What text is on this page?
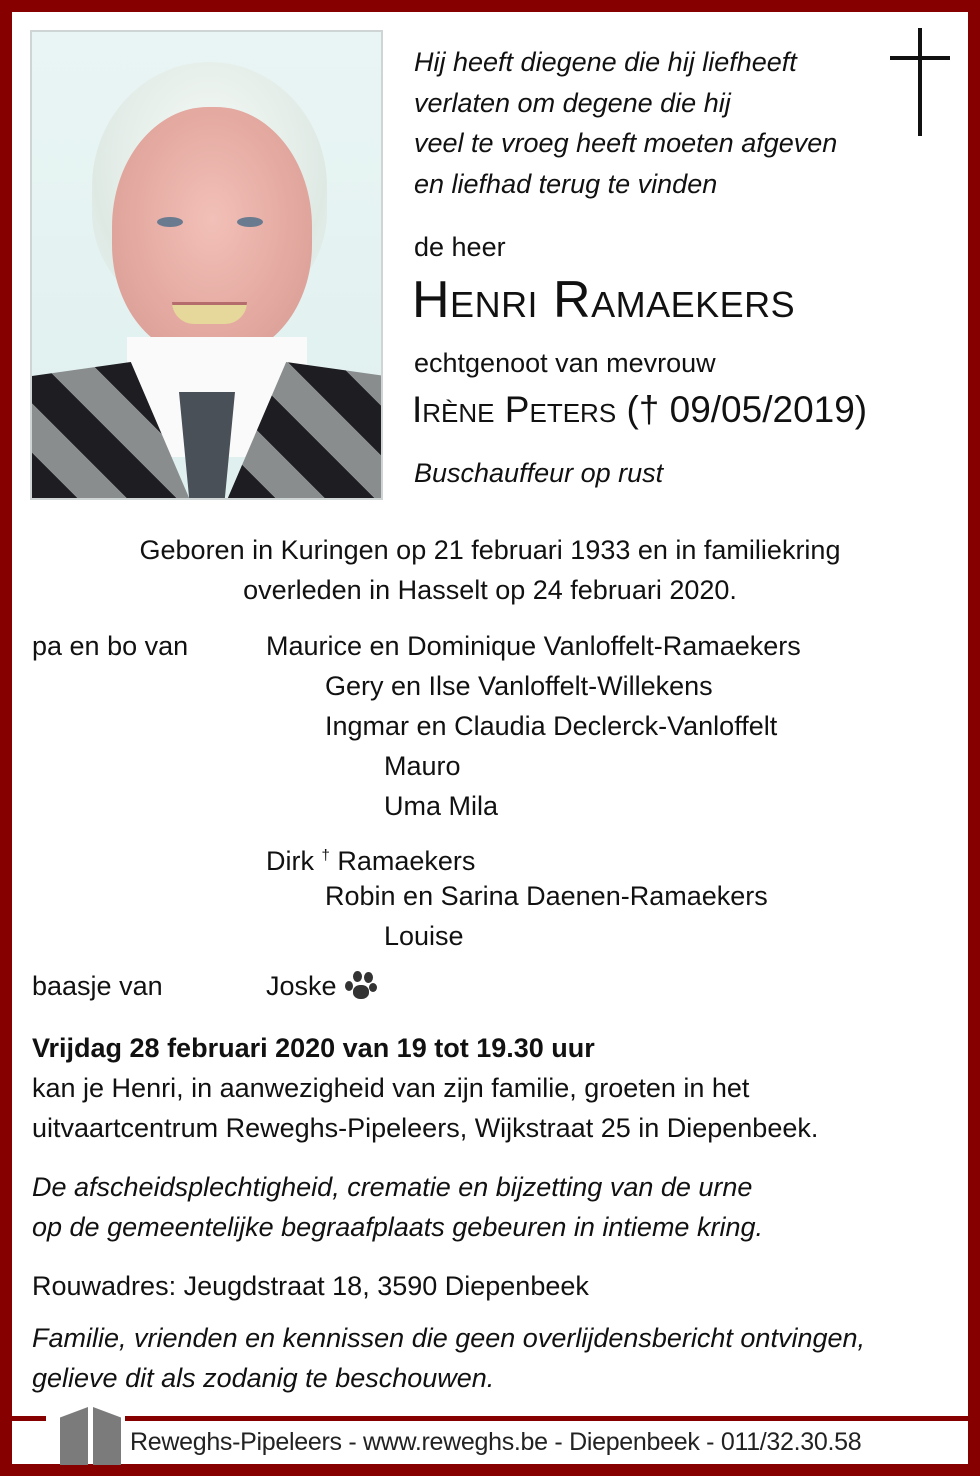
Hij heeft diegene die hij liefheeft
verlaten om degene die hij
veel te vroeg heeft moeten afgeven
en liefhad terug te vinden
de heer
Henri Ramaekers
echtgenoot van mevrouw
Irène Peters († 09/05/2019)
Buschauffeur op rust
Geboren in Kuringen op 21 februari 1933 en in familiekring
overleden in Hasselt op 24 februari 2020.
pa en bo van	Maurice en Dominique Vanloffelt-Ramaekers
Gery en Ilse Vanloffelt-Willekens
Ingmar en Claudia Declerck-Vanloffelt
Mauro
Uma Mila
Dirk † Ramaekers
Robin en Sarina Daenen-Ramaekers
Louise
baasje van	Joske
Vrijdag 28 februari 2020 van 19 tot 19.30 uur
kan je Henri, in aanwezigheid van zijn familie, groeten in het
uitvaartcentrum Reweghs-Pipeleers, Wijkstraat 25 in Diepenbeek.
De afscheidsplechtigheid, crematie en bijzetting van de urne
op de gemeentelijke begraafplaats gebeuren in intieme kring.
Rouwadres: Jeugdstraat 18, 3590 Diepenbeek
Familie, vrienden en kennissen die geen overlijdensbericht ontvingen,
gelieve dit als zodanig te beschouwen.
Reweghs-Pipeleers - www.reweghs.be - Diepenbeek - 011/32.30.58
